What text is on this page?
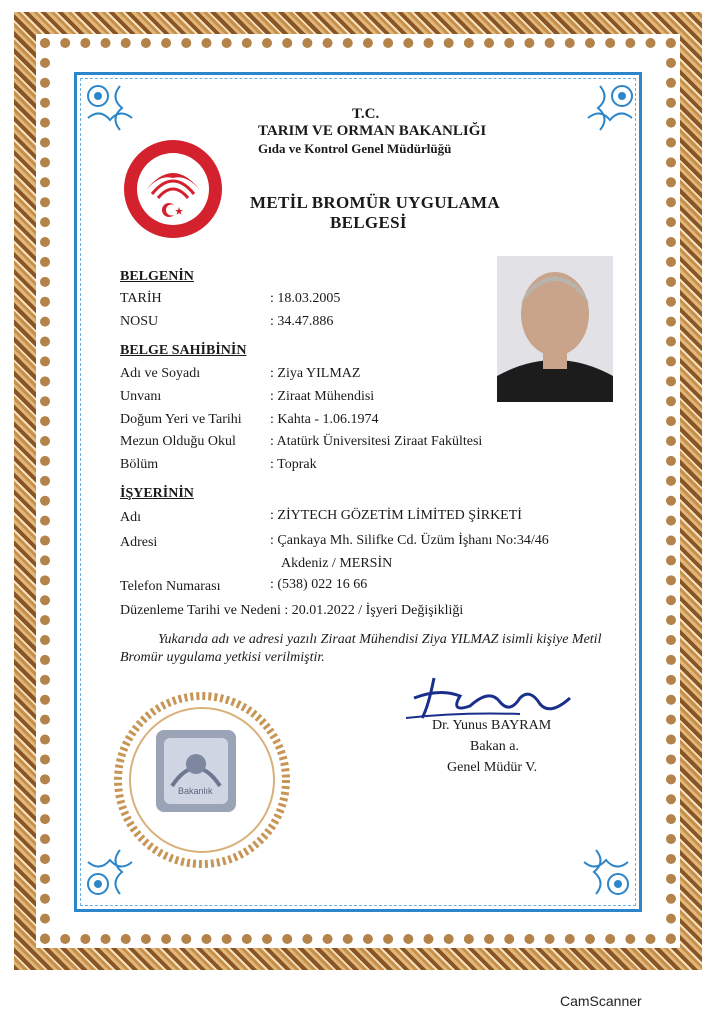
T.C.
TARIM VE ORMAN BAKANLIĞI
Gıda ve Kontrol Genel Müdürlüğü
METİL BROMÜR UYGULAMA
BELGESİ
BELGENİN
TARİH	: 18.03.2005
NOSU	: 34.47.886
BELGE SAHİBİNİN
Adı ve Soyadı	: Ziya YILMAZ
Unvanı	: Ziraat Mühendisi
Doğum Yeri ve Tarihi : Kahta - 1.06.1974
Mezun Olduğu Okul : Atatürk Üniversitesi Ziraat Fakültesi
Bölüm	: Toprak
İŞYERİNİN
Adı	: ZİYTECH GÖZETİM LİMİTED ŞİRKETİ
Adresi	: Çankaya Mh. Silifke Cd. Üzüm İşhanı No:34/46
Akdeniz / MERSİN
Telefon Numarası	: (538) 022 16 66
Düzenleme Tarihi ve Nedeni : 20.01.2022 / İşyeri Değişikliği
Yukarıda adı ve adresi yazılı Ziraat Mühendisi Ziya YILMAZ isimli kişiye Metil
Bromür uygulama yetkisi verilmiştir.
Dr. Yunus BAYRAM
Bakan a.
Genel Müdür V.
Bakanlık
CamScanner
